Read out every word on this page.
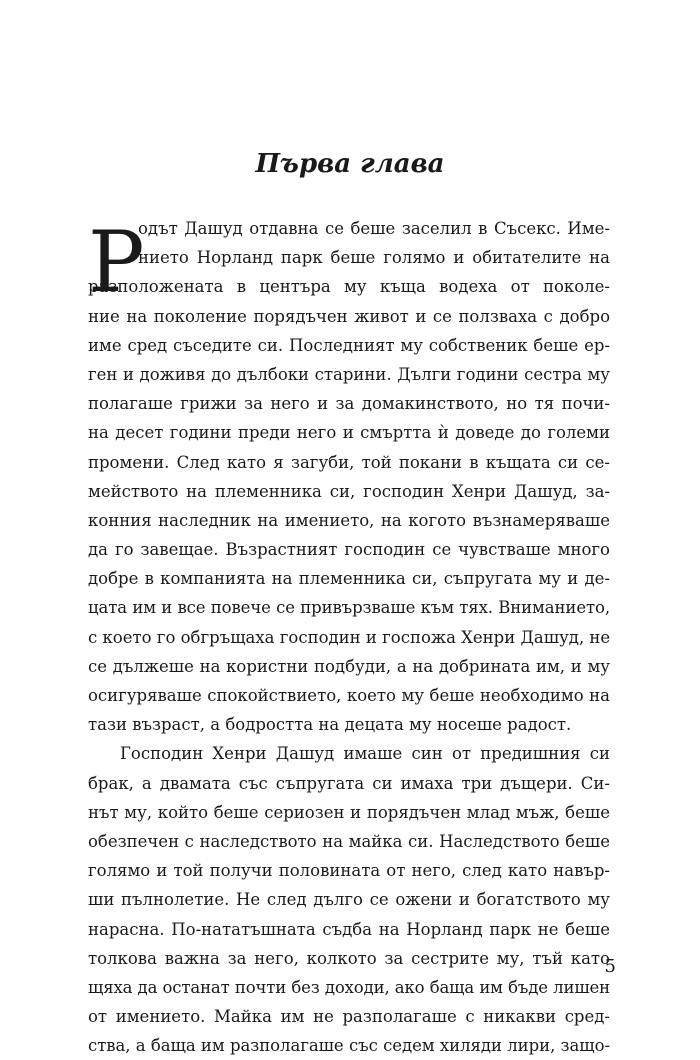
Първа глава
Р
одът Дашуд отдавна се беше заселил в Съсекс. Име-
нието Норланд парк беше голямо и обитателите на
разположената в центъра му къща водеха от поколе-
ние на поколение порядъчен живот и се ползваха с добро
име сред съседите си. Последният му собственик беше ер-
ген и доживя до дълбоки старини. Дълги години сестра му
полагаше грижи за него и за домакинството, но тя почи-
на десет години преди него и смъртта ѝ доведе до големи
промени. След като я загуби, той покани в къщата си се-
мейството на племенника си, господин Хенри Дашуд, за-
конния наследник на имението, на когото възнамеряваше
да го завещае. Възрастният господин се чувстваше много
добре в компанията на племенника си, съпругата му и де-
цата им и все повече се привързваше към тях. Вниманието,
с което го обгръщаха господин и госпожа Хенри Дашуд, не
се дължеше на користни подбуди, а на добрината им, и му
осигуряваше спокойствието, което му беше необходимо на
тази възраст, а бодростта на децата му носеше радост.
Господин Хенри Дашуд имаше син от предишния си
брак, а двамата със съпругата си имаха три дъщери. Си-
нът му, който беше сериозен и порядъчен млад мъж, беше
обезпечен с наследството на майка си. Наследството беше
голямо и той получи половината от него, след като навър-
ши пълнолетие. Не след дълго се ожени и богатството му
нарасна. По-нататъшната съдба на Норланд парк не беше
толкова важна за него, колкото за сестрите му, тъй като
щяха да останат почти без доходи, ако баща им бъде лишен
от имението. Майка им не разполагаше с никакви сред-
ства, а баща им разполагаше със седем хиляди лири, защо-
5
